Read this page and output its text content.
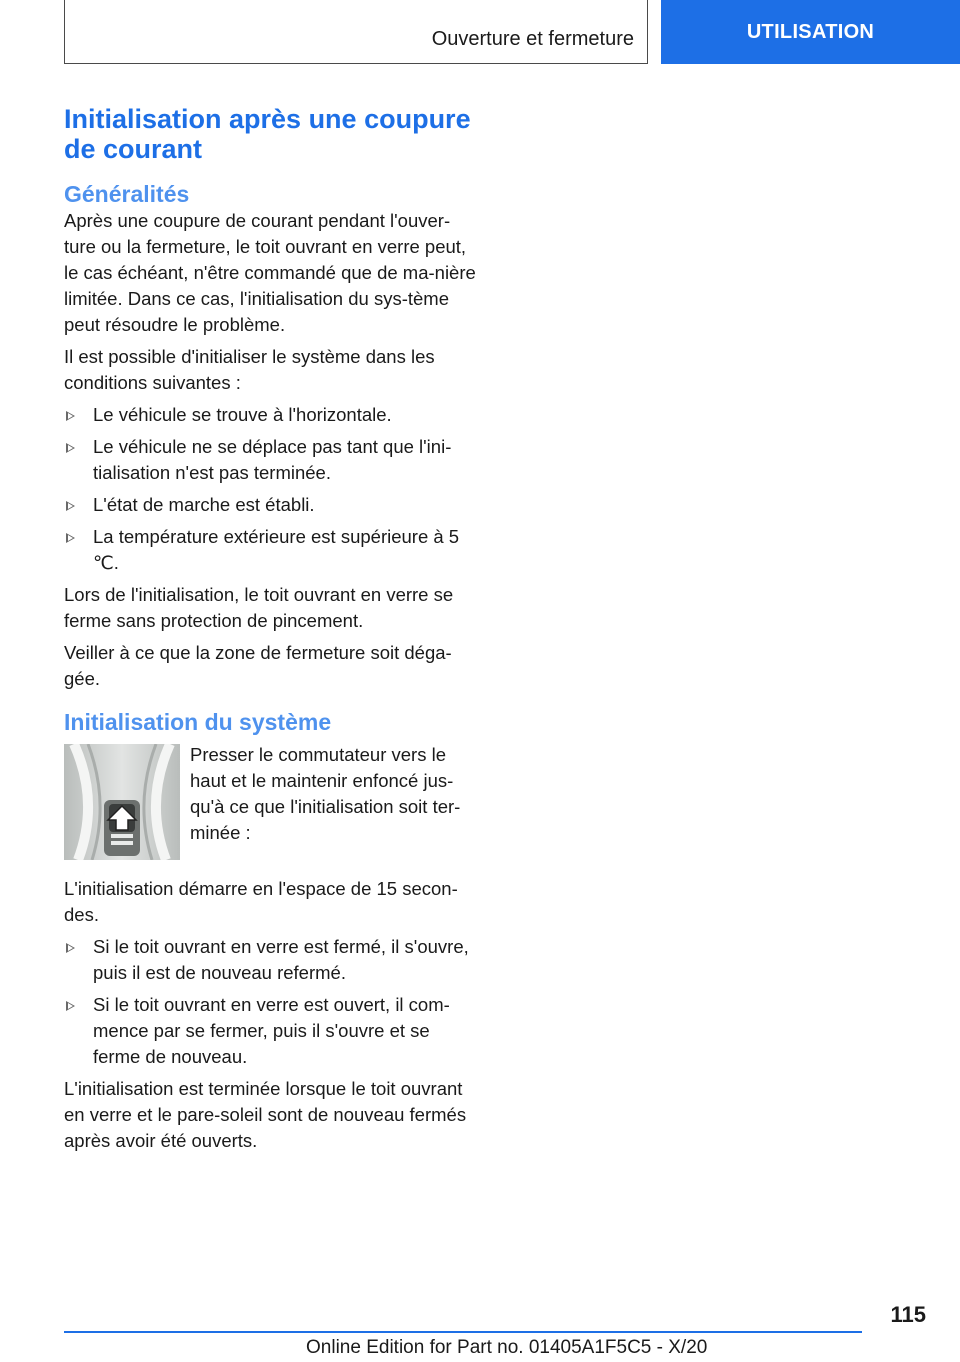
Ouverture et fermeture	UTILISATION
Initialisation après une coupure de courant
Généralités

Après une coupure de courant pendant l'ouver-ture ou la fermeture, le toit ouvrant en verre peut, le cas échéant, n'être commandé que de ma-nière limitée. Dans ce cas, l'initialisation du sys-tème peut résoudre le problème.

Il est possible d'initialiser le système dans les conditions suivantes :

Le véhicule se trouve à l'horizontale.
Le véhicule ne se déplace pas tant que l'ini-tialisation n'est pas terminée.
L'état de marche est établi.
La température extérieure est supérieure à 5 ℃.

Lors de l'initialisation, le toit ouvrant en verre se ferme sans protection de pincement.

Veiller à ce que la zone de fermeture soit déga-gée.

Initialisation du système

Presser le commutateur vers le haut et le maintenir enfoncé jus-qu'à ce que l'initialisation soit ter-minée :

L'initialisation démarre en l'espace de 15 secon-des.

Si le toit ouvrant en verre est fermé, il s'ouvre, puis il est de nouveau refermé.
Si le toit ouvrant en verre est ouvert, il com-mence par se fermer, puis il s'ouvre et se ferme de nouveau.

L'initialisation est terminée lorsque le toit ouvrant en verre et le pare-soleil sont de nouveau fermés après avoir été ouverts.

115
Online Edition for Part no. 01405A1F5C5 - X/20
